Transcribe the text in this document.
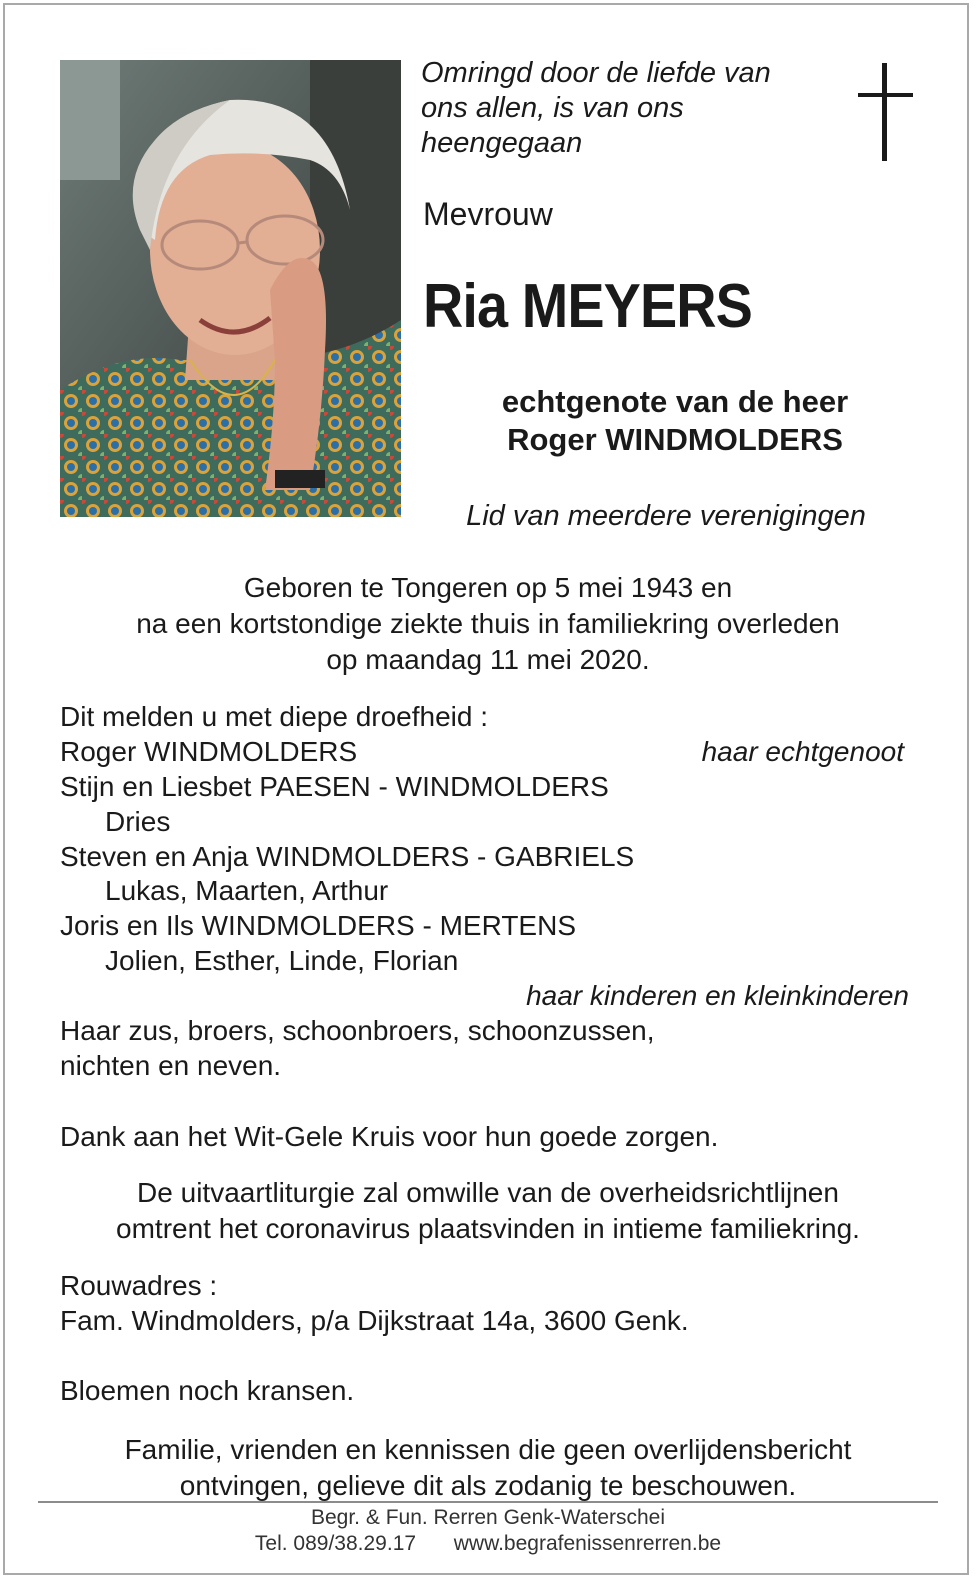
Omringd door de liefde van
ons allen, is van ons
heengegaan
Mevrouw
Ria MEYERS
echtgenote van de heer
Roger WINDMOLDERS
Lid van meerdere verenigingen
Geboren te Tongeren op 5 mei 1943 en
na een kortstondige ziekte thuis in familiekring overleden
op maandag 11 mei 2020.
Dit melden u met diepe droefheid :
Roger WINDMOLDERS	haar echtgenoot
Stijn en Liesbet PAESEN - WINDMOLDERS
Dries
Steven en Anja WINDMOLDERS - GABRIELS
Lukas, Maarten, Arthur
Joris en Ils WINDMOLDERS - MERTENS
Jolien, Esther, Linde, Florian
haar kinderen en kleinkinderen
Haar zus, broers, schoonbroers, schoonzussen,
nichten en neven.
Dank aan het Wit-Gele Kruis voor hun goede zorgen.
De uitvaartliturgie zal omwille van de overheidsrichtlijnen
omtrent het coronavirus plaatsvinden in intieme familiekring.
Rouwadres :
Fam. Windmolders, p/a Dijkstraat 14a, 3600 Genk.
Bloemen noch kransen.
Familie, vrienden en kennissen die geen overlijdensbericht
ontvingen, gelieve dit als zodanig te beschouwen.
Begr. & Fun. Rerren Genk-Waterschei
Tel. 089/38.29.17 www.begrafenissenrerren.be
